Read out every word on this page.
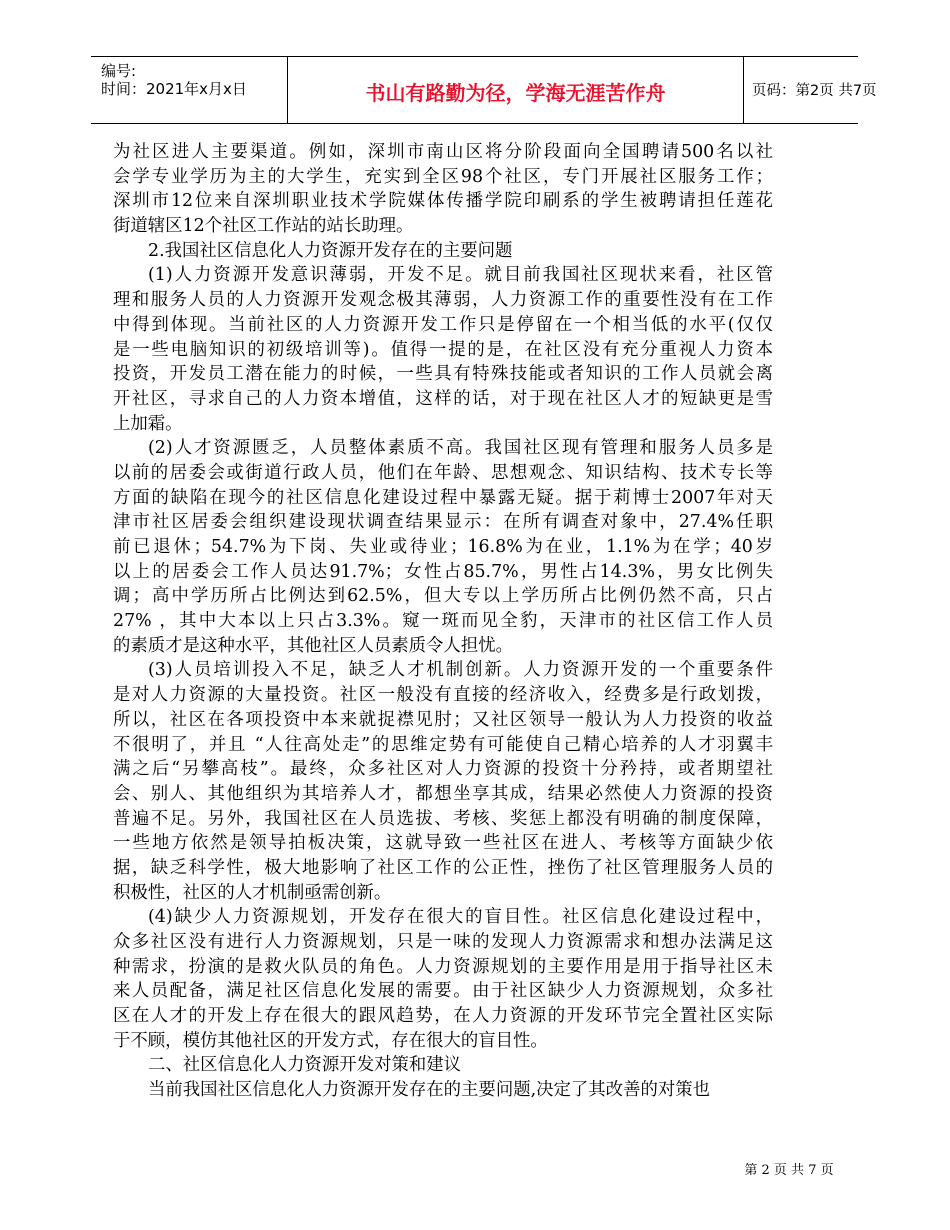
编号:
时间：2021年x月x日	书山有路勤为径，学海无涯苦作舟	页码：第2页 共7页
为社区进人主要渠道。例如，深圳市南山区将分阶段面向全国聘请500名以社
会学专业学历为主的大学生，充实到全区98个社区，专门开展社区服务工作；
深圳市12位来自深圳职业技术学院媒体传播学院印刷系的学生被聘请担任莲花
街道辖区12个社区工作站的站长助理。
2.我国社区信息化人力资源开发存在的主要问题
(1)人力资源开发意识薄弱，开发不足。就目前我国社区现状来看，社区管
理和服务人员的人力资源开发观念极其薄弱，人力资源工作的重要性没有在工作
中得到体现。当前社区的人力资源开发工作只是停留在一个相当低的水平(仅仅
是一些电脑知识的初级培训等)。值得一提的是，在社区没有充分重视人力资本
投资，开发员工潜在能力的时候，一些具有特殊技能或者知识的工作人员就会离
开社区，寻求自己的人力资本增值，这样的话，对于现在社区人才的短缺更是雪
上加霜。
(2)人才资源匮乏，人员整体素质不高。我国社区现有管理和服务人员多是
以前的居委会或街道行政人员，他们在年龄、思想观念、知识结构、技术专长等
方面的缺陷在现今的社区信息化建设过程中暴露无疑。据于莉博士2007年对天
津市社区居委会组织建设现状调查结果显示：在所有调查对象中，27.4%任职
前已退休；54.7%为下岗、失业或待业；16.8%为在业，1.1%为在学；40岁
以上的居委会工作人员达91.7%；女性占85.7%，男性占14.3%，男女比例失
调；高中学历所占比例达到62.5%，但大专以上学历所占比例仍然不高，只占
27% ，其中大本以上只占3.3%。窥一斑而见全豹，天津市的社区信工作人员
的素质才是这种水平，其他社区人员素质令人担忧。
(3)人员培训投入不足，缺乏人才机制创新。人力资源开发的一个重要条件
是对人力资源的大量投资。社区一般没有直接的经济收入，经费多是行政划拨，
所以，社区在各项投资中本来就捉襟见肘；又社区领导一般认为人力投资的收益
不很明了，并且 “人往高处走”的思维定势有可能使自己精心培养的人才羽翼丰
满之后“另攀高枝”。最终，众多社区对人力资源的投资十分矜持，或者期望社
会、别人、其他组织为其培养人才，都想坐享其成，结果必然使人力资源的投资
普遍不足。另外，我国社区在人员选拔、考核、奖惩上都没有明确的制度保障，
一些地方依然是领导拍板决策，这就导致一些社区在进人、考核等方面缺少依
据，缺乏科学性，极大地影响了社区工作的公正性，挫伤了社区管理服务人员的
积极性，社区的人才机制亟需创新。
(4)缺少人力资源规划，开发存在很大的盲目性。社区信息化建设过程中，
众多社区没有进行人力资源规划，只是一味的发现人力资源需求和想办法满足这
种需求，扮演的是救火队员的角色。人力资源规划的主要作用是用于指导社区未
来人员配备，满足社区信息化发展的需要。由于社区缺少人力资源规划，众多社
区在人才的开发上存在很大的跟风趋势，在人力资源的开发环节完全置社区实际
于不顾，模仿其他社区的开发方式，存在很大的盲目性。
二、社区信息化人力资源开发对策和建议
当前我国社区信息化人力资源开发存在的主要问题,决定了其改善的对策也
第 2 页 共 7 页
